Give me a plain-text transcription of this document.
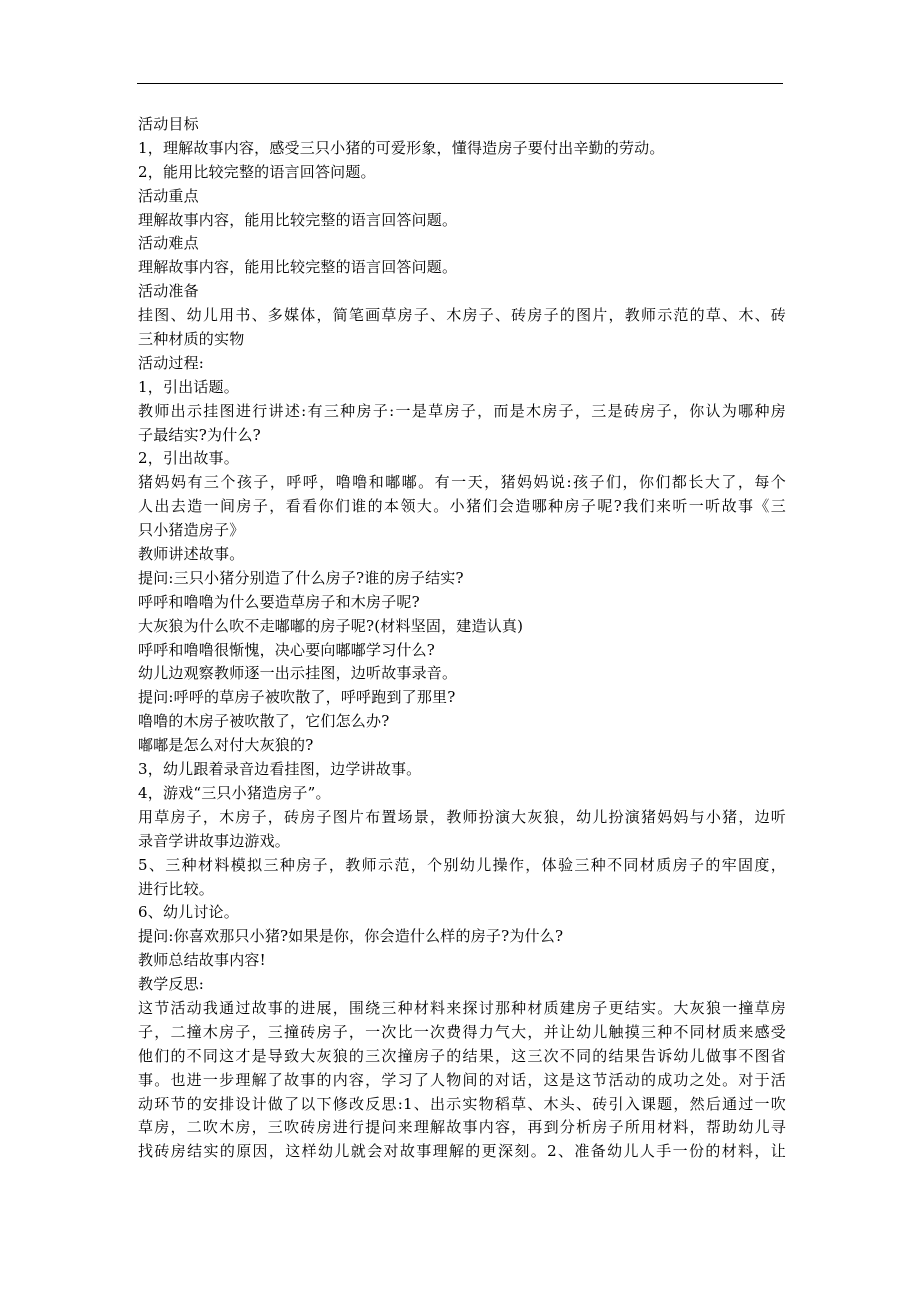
活动目标
1，理解故事内容，感受三只小猪的可爱形象，懂得造房子要付出辛勤的劳动。
2，能用比较完整的语言回答问题。
活动重点
理解故事内容，能用比较完整的语言回答问题。
活动难点
理解故事内容，能用比较完整的语言回答问题。
活动准备
挂图、幼儿用书、多媒体，简笔画草房子、木房子、砖房子的图片，教师示范的草、木、砖
三种材质的实物
活动过程:
1，引出话题。
教师出示挂图进行讲述:有三种房子:一是草房子，而是木房子，三是砖房子，你认为哪种房
子最结实?为什么?
2，引出故事。
猪妈妈有三个孩子，呼呼，噜噜和嘟嘟。有一天，猪妈妈说:孩子们，你们都长大了，每个
人出去造一间房子，看看你们谁的本领大。小猪们会造哪种房子呢?我们来听一听故事《三
只小猪造房子》
教师讲述故事。
提问:三只小猪分别造了什么房子?谁的房子结实?
呼呼和噜噜为什么要造草房子和木房子呢?
大灰狼为什么吹不走嘟嘟的房子呢?(材料坚固，建造认真)
呼呼和噜噜很惭愧，决心要向嘟嘟学习什么?
幼儿边观察教师逐一出示挂图，边听故事录音。
提问:呼呼的草房子被吹散了，呼呼跑到了那里?
噜噜的木房子被吹散了，它们怎么办?
嘟嘟是怎么对付大灰狼的?
3，幼儿跟着录音边看挂图，边学讲故事。
4，游戏“三只小猪造房子”。
用草房子，木房子，砖房子图片布置场景，教师扮演大灰狼，幼儿扮演猪妈妈与小猪，边听
录音学讲故事边游戏。
5、三种材料模拟三种房子，教师示范，个别幼儿操作，体验三种不同材质房子的牢固度，
进行比较。
6、幼儿讨论。
提问:你喜欢那只小猪?如果是你，你会造什么样的房子?为什么?
教师总结故事内容!
教学反思:
这节活动我通过故事的进展，围绕三种材料来探讨那种材质建房子更结实。大灰狼一撞草房
子，二撞木房子，三撞砖房子，一次比一次费得力气大，并让幼儿触摸三种不同材质来感受
他们的不同这才是导致大灰狼的三次撞房子的结果，这三次不同的结果告诉幼儿做事不图省
事。也进一步理解了故事的内容，学习了人物间的对话，这是这节活动的成功之处。对于活
动环节的安排设计做了以下修改反思:1、出示实物稻草、木头、砖引入课题，然后通过一吹
草房，二吹木房，三吹砖房进行提问来理解故事内容，再到分析房子所用材料，帮助幼儿寻
找砖房结实的原因，这样幼儿就会对故事理解的更深刻。2、准备幼儿人手一份的材料，让
